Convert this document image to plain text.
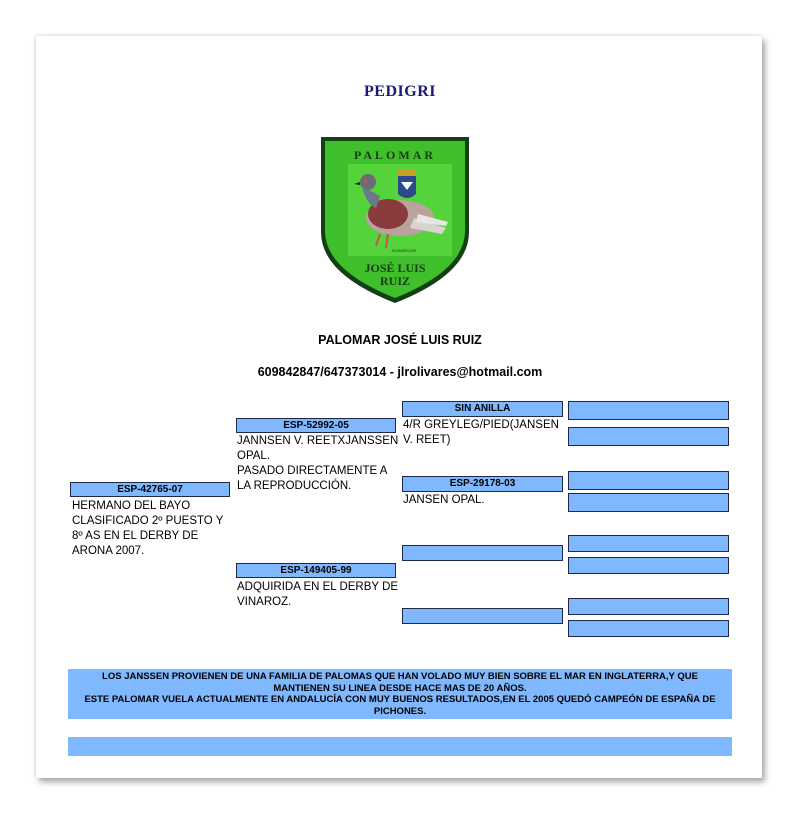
PEDIGRI
PALOMAR
ALMUÑECAR
JOSÉ LUIS
RUIZ
PALOMAR JOSÉ LUIS RUIZ
609842847/647373014 - jlrolivares@hotmail.com
ESP-42765-07
HERMANO DEL BAYO
CLASIFICADO 2º PUESTO Y
8º AS EN EL DERBY DE
ARONA 2007.
ESP-52992-05
JANNSEN V. REETXJANSSEN
OPAL.
PASADO DIRECTAMENTE A
LA REPRODUCCIÓN.
ESP-149405-99
ADQUIRIDA EN EL DERBY DE
VINAROZ.
SIN ANILLA
4/R GREYLEG/PIED(JANSEN
V. REET)
ESP-29178-03
JANSEN OPAL.

LOS JANSSEN PROVIENEN DE UNA FAMILIA DE PALOMAS QUE HAN VOLADO MUY BIEN SOBRE EL MAR EN INGLATERRA,Y QUE

MANTIENEN SU LINEA DESDE HACE MAS DE 20 AÑOS.

ESTE PALOMAR VUELA ACTUALMENTE EN ANDALUCÍA CON MUY BUENOS RESULTADOS,EN EL 2005 QUEDÓ CAMPEÓN DE ESPAÑA DE

PICHONES.
